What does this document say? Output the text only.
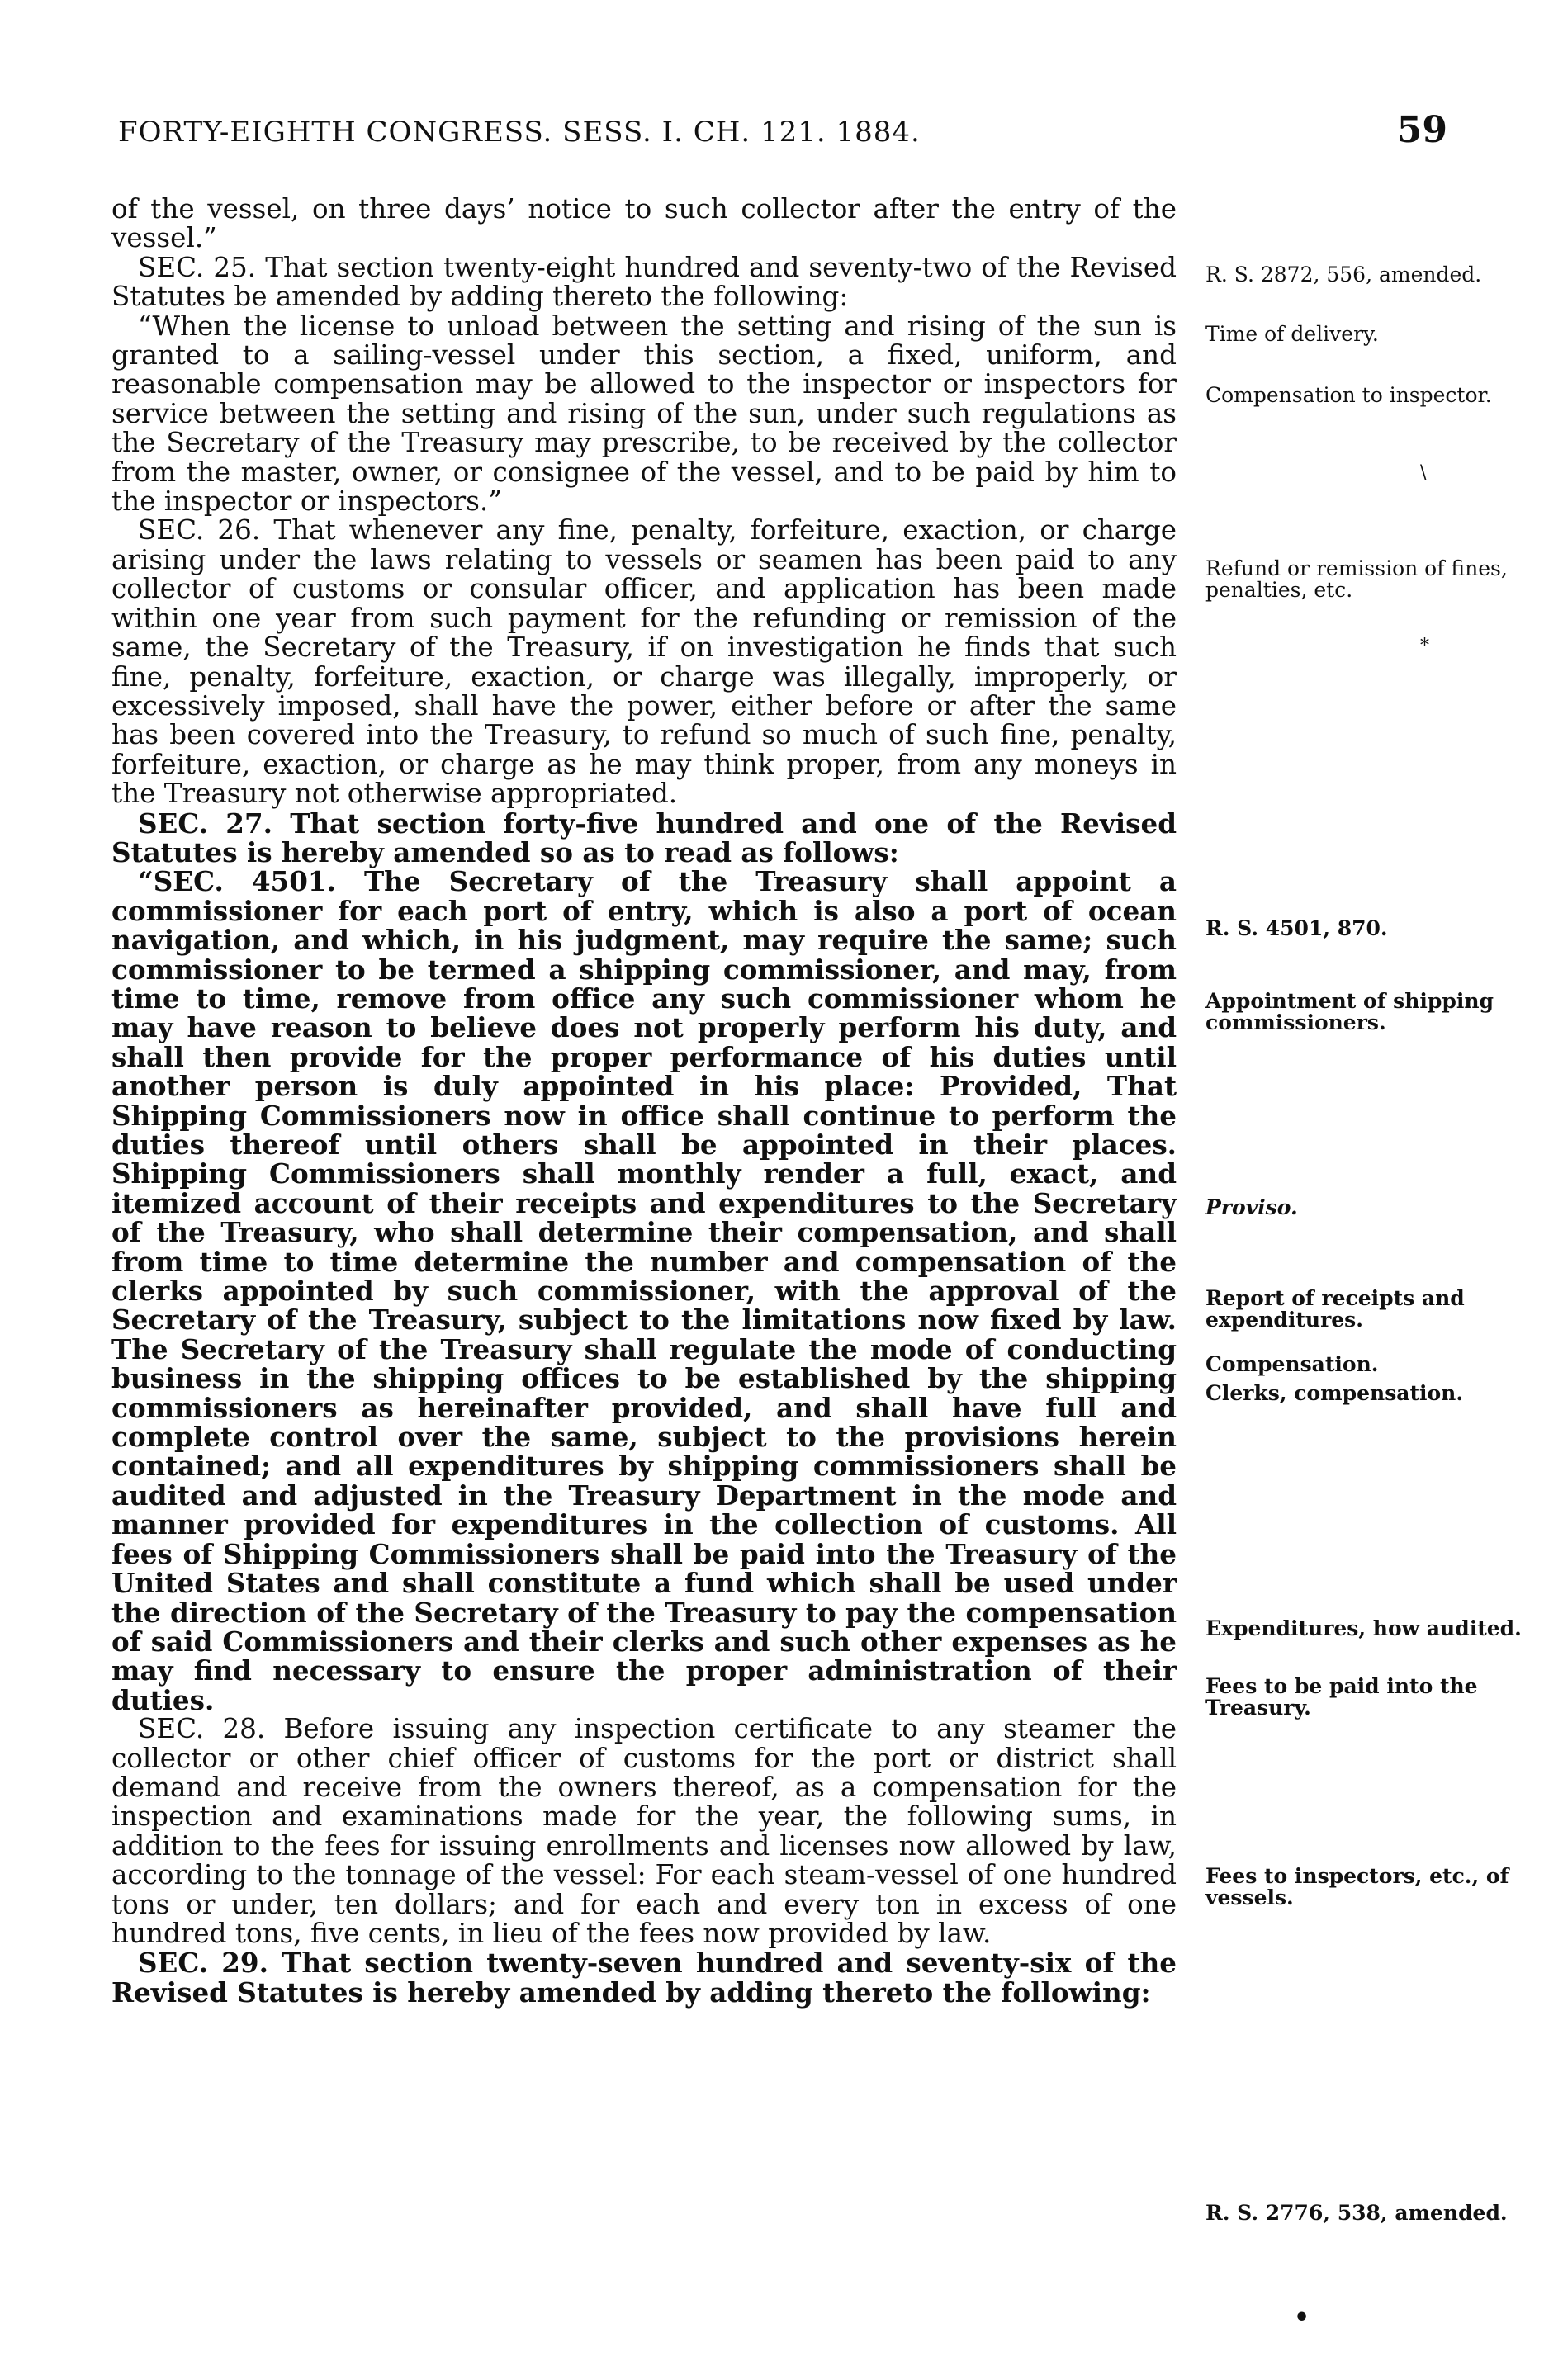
FORTY-EIGHTH CONGRESS. SESS. I. CH. 121. 1884.	59

of the vessel, on three days’ notice to such collector after the entry of the vessel.”

SEC. 25. That section twenty-eight hundred and seventy-two of the Revised Statutes be amended by adding thereto the following:

“When the license to unload between the setting and rising of the sun is granted to a sailing-vessel under this section, a fixed, uniform, and reasonable compensation may be allowed to the inspector or inspectors for service between the setting and rising of the sun, under such regulations as the Secretary of the Treasury may prescribe, to be received by the collector from the master, owner, or consignee of the vessel, and to be paid by him to the inspector or inspectors.”

SEC. 26. That whenever any fine, penalty, forfeiture, exaction, or charge arising under the laws relating to vessels or seamen has been paid to any collector of customs or consular officer, and application has been made within one year from such payment for the refunding or remission of the same, the Secretary of the Treasury, if on investigation he finds that such fine, penalty, forfeiture, exaction, or charge was illegally, improperly, or excessively imposed, shall have the power, either before or after the same has been covered into the Treasury, to refund so much of such fine, penalty, forfeiture, exaction, or charge as he may think proper, from any moneys in the Treasury not otherwise appropriated.

SEC. 27. That section forty-five hundred and one of the Revised Statutes is hereby amended so as to read as follows:

“SEC. 4501. The Secretary of the Treasury shall appoint a commissioner for each port of entry, which is also a port of ocean navigation, and which, in his judgment, may require the same; such commissioner to be termed a shipping commissioner, and may, from time to time, remove from office any such commissioner whom he may have reason to believe does not properly perform his duty, and shall then provide for the proper performance of his duties until another person is duly appointed in his place: Provided, That Shipping Commissioners now in office shall continue to perform the duties thereof until others shall be appointed in their places. Shipping Commissioners shall monthly render a full, exact, and itemized account of their receipts and expenditures to the Secretary of the Treasury, who shall determine their compensation, and shall from time to time determine the number and compensation of the clerks appointed by such commissioner, with the approval of the Secretary of the Treasury, subject to the limitations now fixed by law. The Secretary of the Treasury shall regulate the mode of conducting business in the shipping offices to be established by the shipping commissioners as hereinafter provided, and shall have full and complete control over the same, subject to the provisions herein contained; and all expenditures by shipping commissioners shall be audited and adjusted in the Treasury Department in the mode and manner provided for expenditures in the collection of customs. All fees of Shipping Commissioners shall be paid into the Treasury of the United States and shall constitute a fund which shall be used under the direction of the Secretary of the Treasury to pay the compensation of said Commissioners and their clerks and such other expenses as he may find necessary to ensure the proper administration of their duties.

SEC. 28. Before issuing any inspection certificate to any steamer the collector or other chief officer of customs for the port or district shall demand and receive from the owners thereof, as a compensation for the inspection and examinations made for the year, the following sums, in addition to the fees for issuing enrollments and licenses now allowed by law, according to the tonnage of the vessel: For each steam-vessel of one hundred tons or under, ten dollars; and for each and every ton in excess of one hundred tons, five cents, in lieu of the fees now provided by law.

SEC. 29. That section twenty-seven hundred and seventy-six of the Revised Statutes is hereby amended by adding thereto the following:

R. S. 2872, 556, amended.
Time of delivery.
Compensation to inspector.
Refund or remission of fines, penalties, etc.
R. S. 4501, 870.
Appointment of shipping commissioners.
Proviso.
Report of receipts and expenditures.
Compensation.
Clerks, compensation.
Expenditures, how audited.
Fees to be paid into the Treasury.
Fees to inspectors, etc., of vessels.
R. S. 2776, 538, amended.
•
\
*
